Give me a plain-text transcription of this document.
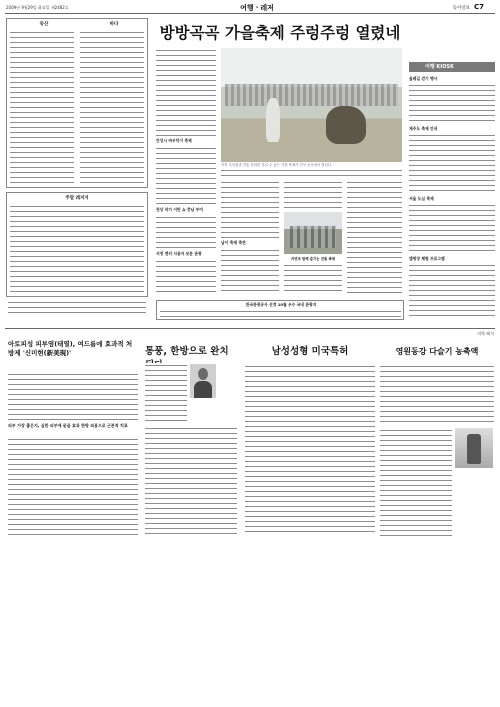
2009년 9월29일 화요일 제2482호	여행ㆍ레저	동아일보 C7
동산	바다
주말 레저지
방방곡곡 가을축제 주렁주렁 열렸네
지역 특산물과 전통 문화를 즐길 수 있는 가을 축제가 전국 곳곳에서 열린다.
안성시 바우덕이 축제
천상 작가 이만 쇼 충남 부여
서정 엔터 사용자 보문 관광
남이 축제 축전
자연과 함께 즐기는 전통 축제
한국관광공사 선정 10월 우수 국내 관광지
여행 KIOSK
올레길 걷기 행사
제주도 축제 안내
서울 도심 축제
캠핑장 체험 프로그램
의학 레저
아토피성 피부염(태열), 여드름에 효과적 처방제 '신미현(新美現)'
피부 가장 좋은지, 심한 피부에 굳을 효과 한방 외용으로 근본적 치료
통풍, 한방으로 완치	남성성형 미국특허	영원동강 다슬기 농축액
